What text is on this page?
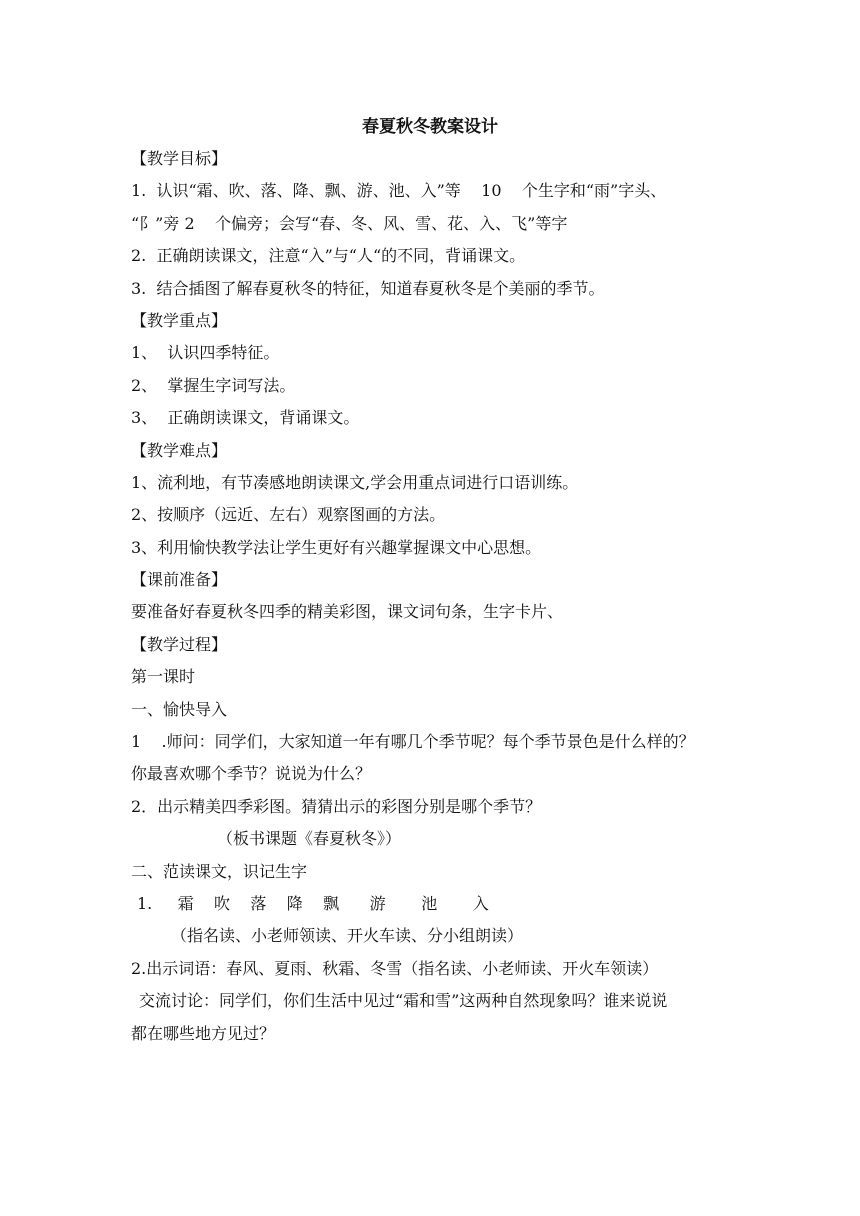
春夏秋冬教案设计
【教学目标】
1.  认识“霜、吹、落、降、飘、游、池、入”等    10    个生字和“雨”字头、
“阝”旁 2    个偏旁；会写“春、冬、风、雪、花、入、飞”等字
2.  正确朗读课文，注意“入”与“人“的不同，背诵课文。
3.  结合插图了解春夏秋冬的特征，知道春夏秋冬是个美丽的季节。
【教学重点】
1、  认识四季特征。
2、  掌握生字词写法。
3、  正确朗读课文，背诵课文。
【教学难点】
1、流利地，有节凑感地朗读课文,学会用重点词进行口语训练。
2、按顺序（远近、左右）观察图画的方法。
3、利用愉快教学法让学生更好有兴趣掌握课文中心思想。
【课前准备】
要准备好春夏秋冬四季的精美彩图，课文词句条，生字卡片、
【教学过程】
第一课时
一、愉快导入
1    .师问：同学们，大家知道一年有哪几个季节呢？每个季节景色是什么样的？
你最喜欢哪个季节？说说为什么？
2．出示精美四季彩图。猜猜出示的彩图分别是哪个季节？
（板书课题《春夏秋冬》）
二、范读课文，识记生字
1.     霜    吹    落    降    飘      游       池       入
（指名读、小老师领读、开火车读、分小组朗读）
2.出示词语：春风、夏雨、秋霜、冬雪（指名读、小老师读、开火车领读）
交流讨论：同学们，你们生活中见过“霜和雪”这两种自然现象吗？谁来说说
都在哪些地方见过？
